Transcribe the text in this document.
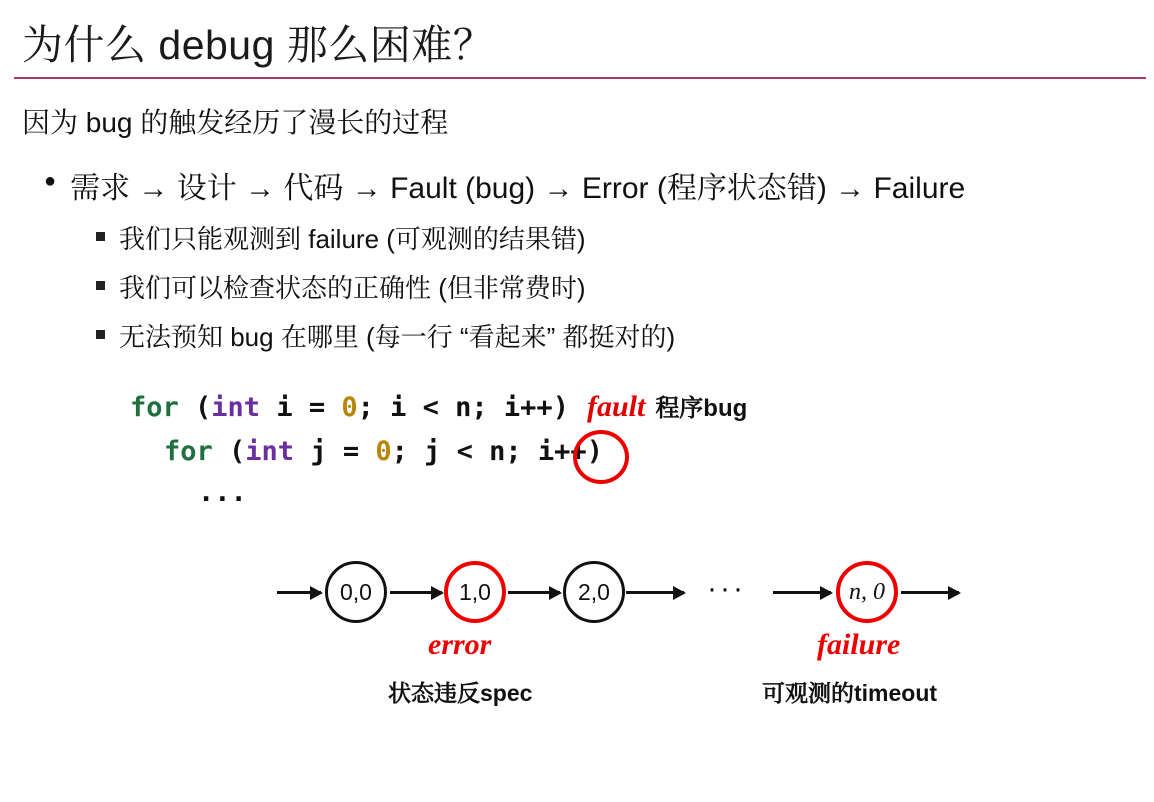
为什么 debug 那么困难？
因为 bug 的触发经历了漫长的过程
● 需求 → 设计 → 代码 → Fault (bug) → Error (程序状态错) → Failure
我们只能观测到 failure (可观测的结果错)
我们可以检查状态的正确性 (但非常费时)
无法预知 bug 在哪里 (每一行 “看起来” 都挺对的)
for (int i = 0; i < n; i++) fault 程序bug
for (int j = 0; j < n; i++)
...
0,0	1,0	2,0	n, 0
···
error
状态违反spec
failure
可观测的timeout
